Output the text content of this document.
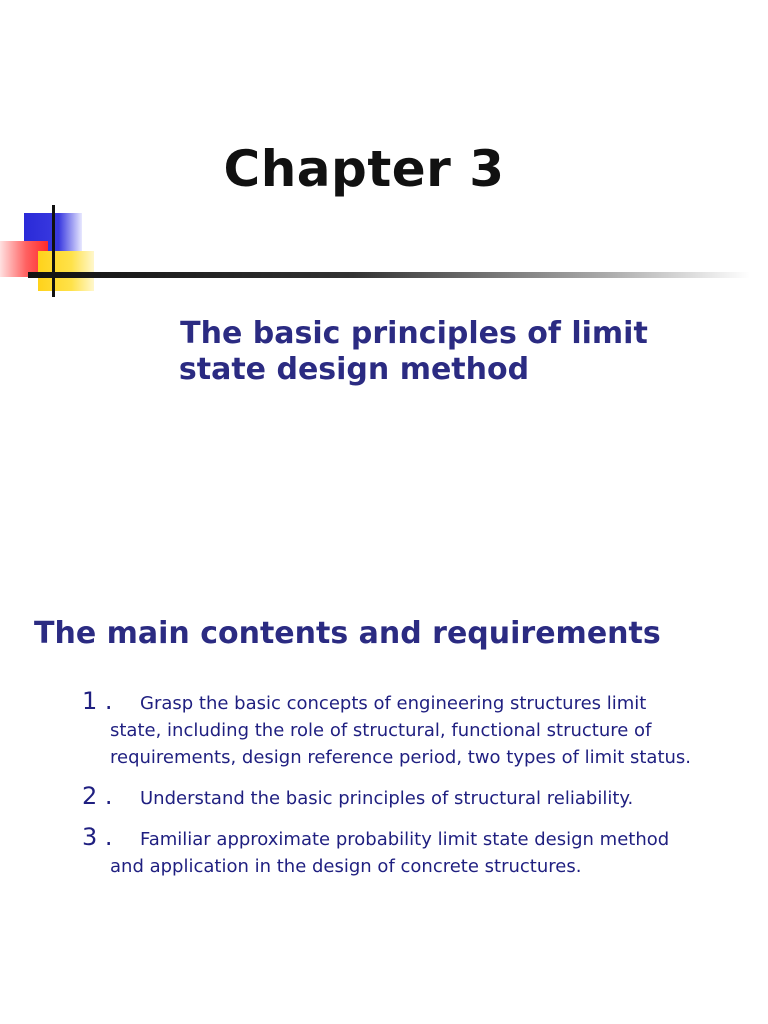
Chapter 3
The basic principles of limit
state design method
The main contents and requirements
1 . Grasp the basic concepts of engineering structures limit
state, including the role of structural, functional structure of
requirements, design reference period, two types of limit status.
2 . Understand the basic principles of structural reliability.
3 . Familiar approximate probability limit state design method
and application in the design of concrete structures.
